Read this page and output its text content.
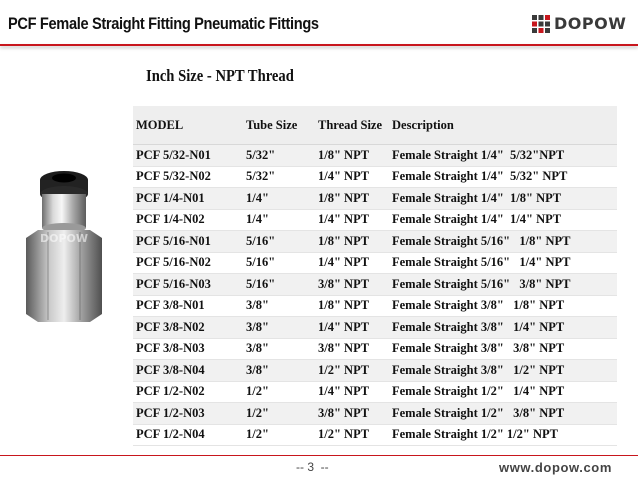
PCF Female Straight Fitting Pneumatic Fittings	DOPOW
Inch Size - NPT Thread
DOPOW
MODEL	Tube Size	Thread Size	Description
PCF 5/32-N01	5/32"	1/8" NPT	Female Straight 1/4"  5/32"NPT
PCF 5/32-N02	5/32"	1/4" NPT	Female Straight 1/4"  5/32" NPT
PCF 1/4-N01	1/4"	1/8" NPT	Female Straight 1/4"  1/8" NPT
PCF 1/4-N02	1/4"	1/4" NPT	Female Straight 1/4"  1/4" NPT
PCF 5/16-N01	5/16"	1/8" NPT	Female Straight 5/16"   1/8" NPT
PCF 5/16-N02	5/16"	1/4" NPT	Female Straight 5/16"   1/4" NPT
PCF 5/16-N03	5/16"	3/8" NPT	Female Straight 5/16"   3/8" NPT
PCF 3/8-N01	3/8"	1/8" NPT	Female Straight 3/8"   1/8" NPT
PCF 3/8-N02	3/8"	1/4" NPT	Female Straight 3/8"   1/4" NPT
PCF 3/8-N03	3/8"	3/8" NPT	Female Straight 3/8"   3/8" NPT
PCF 3/8-N04	3/8"	1/2" NPT	Female Straight 3/8"   1/2" NPT
PCF 1/2-N02	1/2"	1/4" NPT	Female Straight 1/2"   1/4" NPT
PCF 1/2-N03	1/2"	3/8" NPT	Female Straight 1/2"   3/8" NPT
PCF 1/2-N04	1/2"	1/2" NPT	Female Straight 1/2" 1/2" NPT
-- 3  --	www.dopow.com
